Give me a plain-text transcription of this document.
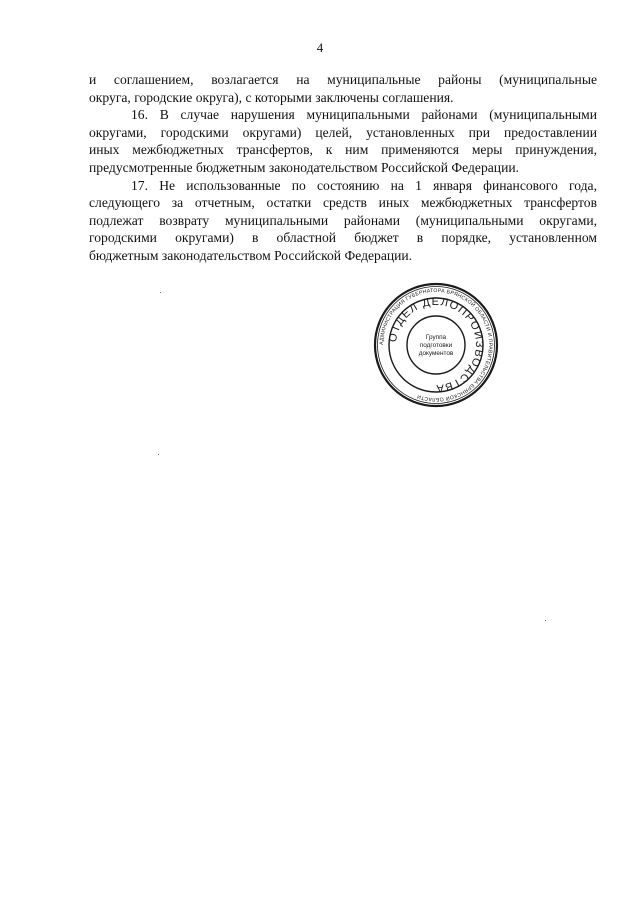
4

и соглашением, возлагается на муниципальные районы (муниципальные
округа, городские округа), с которыми заключены соглашения.

16. В случае нарушения муниципальными районами (муниципальными
округами, городскими округами) целей, установленных при предоставлении
иных межбюджетных трансфертов, к ним применяются меры принуждения,
предусмотренные бюджетным законодательством Российской Федерации.

17. Не использованные по состоянию на 1 января финансового года,
следующего за отчетным, остатки средств иных межбюджетных трансфертов
подлежат возврату муниципальными районами (муниципальными округами,
городскими округами) в областной бюджет в порядке, установленном
бюджетным законодательством Российской Федерации.

АДМИНИСТРАЦИЯ ГУБЕРНАТОРА БРЯНСКОЙ ОБЛАСТИ И ПРАВИТЕЛЬСТВА БРЯНСКОЙ ОБЛАСТИ
ОТДЕЛ ДЕЛОПРОИЗВОДСТВА
Группа
подготовки
документов
